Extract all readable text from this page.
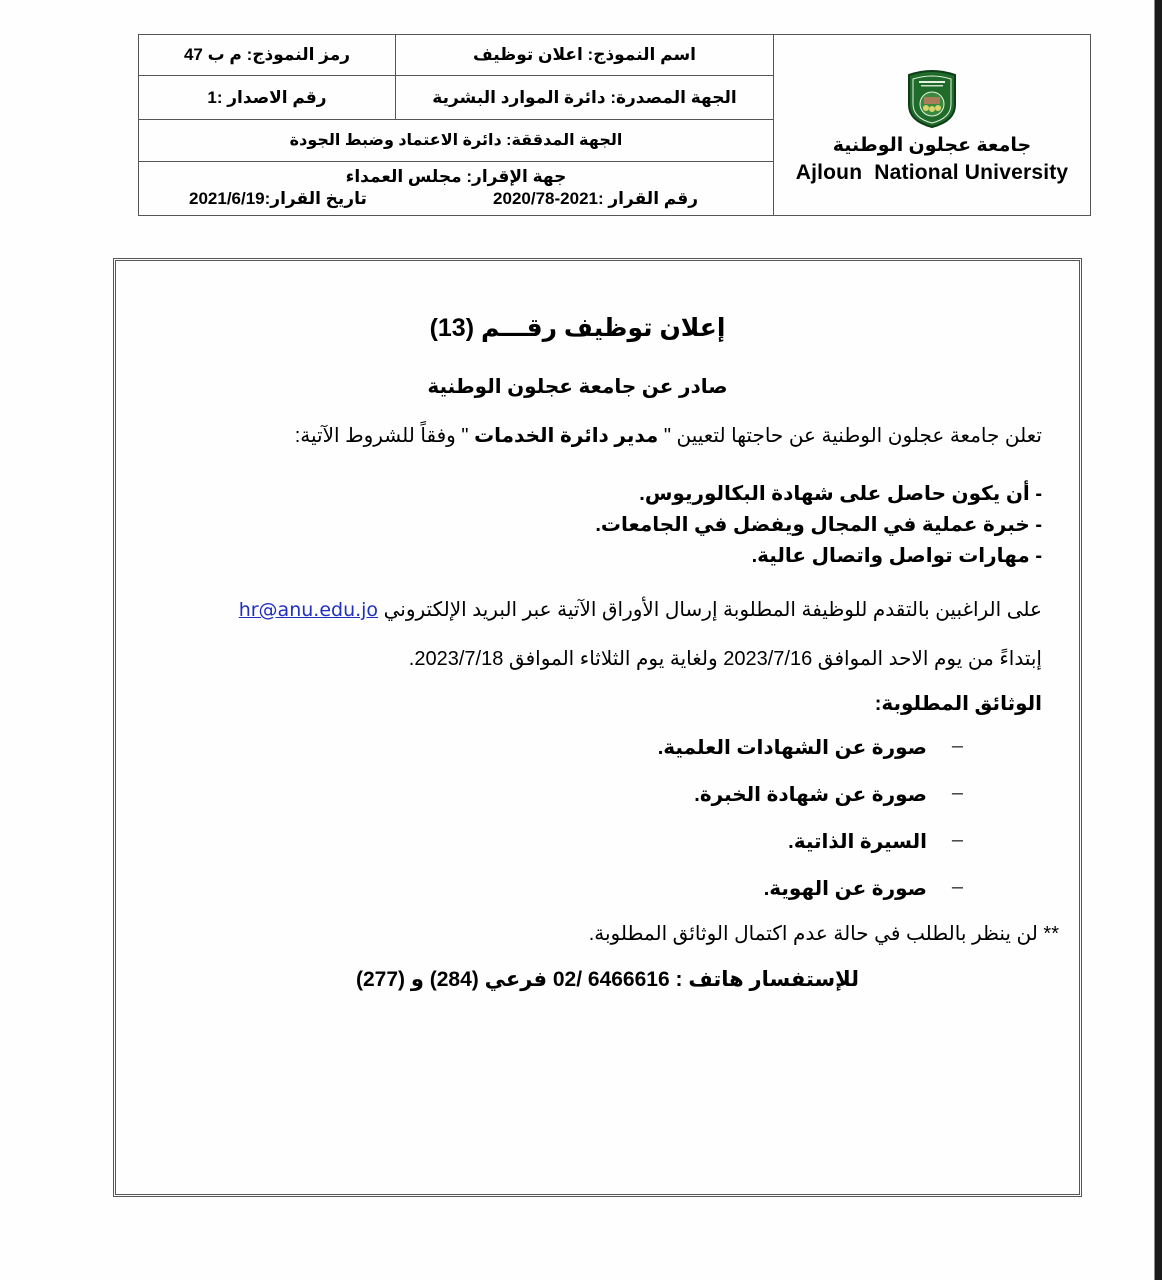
جامعة عجلون الوطنية
Ajloun  National University	اسم النموذج: اعلان توظيف	رمز النموذج: م ب 47
	الجهة المصدرة: دائرة الموارد البشرية	رقم الاصدار :1
	الجهة المدققة: دائرة الاعتماد وضبط الجودة	

	جهة الإقرار: مجلس العمداء
رقم القرار :2021-2020/78
تاريخ القرار:2021/6/19	
إعلان توظيف رقـــم (13)
صادر عن جامعة عجلون الوطنية
تعلن جامعة عجلون الوطنية عن حاجتها لتعيين " مدير دائرة الخدمات " وفقاً للشروط الآتية:
- أن يكون حاصل على شهادة البكالوريوس.
- خبرة عملية في المجال ويفضل في الجامعات.
- مهارات تواصل واتصال عالية.
على الراغبين بالتقدم للوظيفة المطلوبة إرسال الأوراق الآتية عبر البريد الإلكتروني hr@anu.edu.jo
إبتداءً من يوم الاحد الموافق 2023/7/16 ولغاية يوم الثلاثاء الموافق 2023/7/18.
الوثائق المطلوبة:
–
صورة عن الشهادات العلمية.
–
صورة عن شهادة الخبرة.
–
السيرة الذاتية.
–
صورة عن الهوية.
** لن ينظر بالطلب في حالة عدم اكتمال الوثائق المطلوبة.
للإستفسار هاتف : 6466616 /02 فرعي (284) و (277)
